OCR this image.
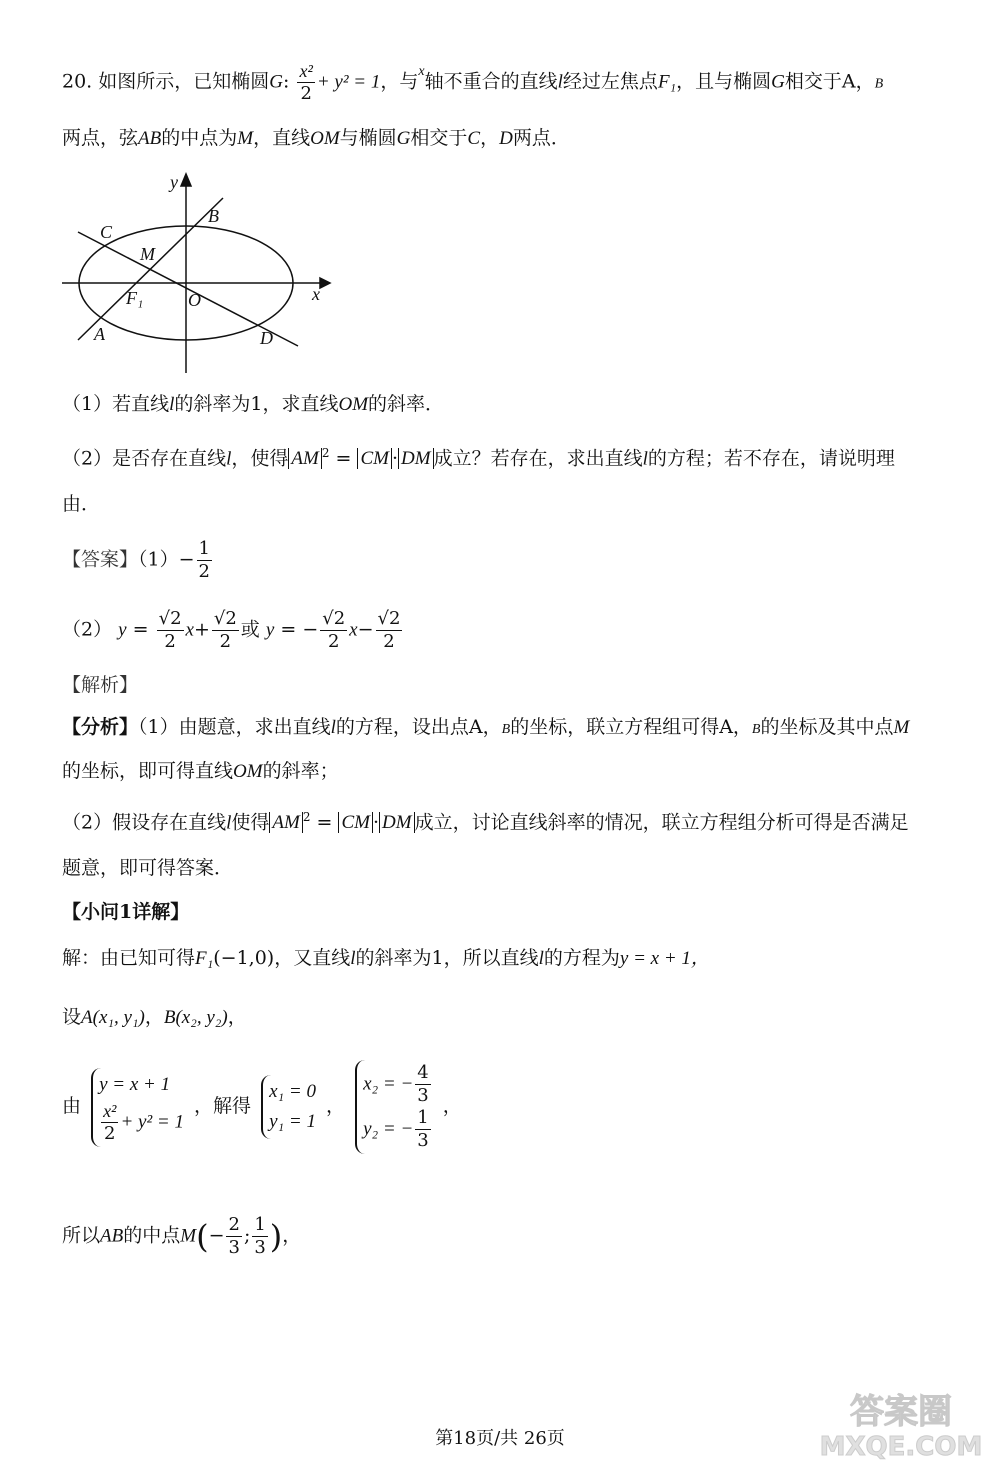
20. 如图所示，已知椭圆G: $\frac{\text{x²}}{2} + y^2 = 1$，与$^x$轴不重合的直线l经过左焦点F₁，且与椭圆G相交于A，B
两点，弦AB的中点为M，直线OM与椭圆G相交于C，D两点．
y
x
C
M
B
F₁ O
A	D
（1）若直线l的斜率为1，求直线OM的斜率．
（2）是否存在直线l，使得 AM $^2$ = CM · DM 成立？若存在，求出直线l的方程；若不存在，请说明理
由．
【答案】$(1)- \frac{1}{2}$
（2） $y = \frac{√2}{2} x+ \frac{√2}{2}$ 或 y = − $\frac{√2}{2} x- \frac{√2}{2}$
【解析】
【分析】（1）由题意，求出直线l的方程，设出点A，B的坐标，联立方程组可得A，B的坐标及其中点M
的坐标，即可得直线OM的斜率；
（2）假设存在直线l使得 AM $^2$ = CM · DM 成立，讨论直线斜率的情况，联立方程组分析可得是否满足
题意，即可得答案．
【小问1详解】
解：由已知可得F₁(−1,0)，又直线l的斜率为1，所以直线l的方程为y = x + 1，
设A(x₁, y₁)，B(x₂, y₂)，
由
y = x + 1
$\frac{\text{x²}}{2} + y^2 = 1$
，解得
x₁ = 0
y₁ = 1
，
x₂ = − $\frac{4}{3}$
y₂ = − $\frac{1}{3}$
，
所以AB的中点$M(- \frac{2}{3}$ ; $\frac{1}{3}$ )，
第18页/共 26页
答案圈
MXQE.COM
